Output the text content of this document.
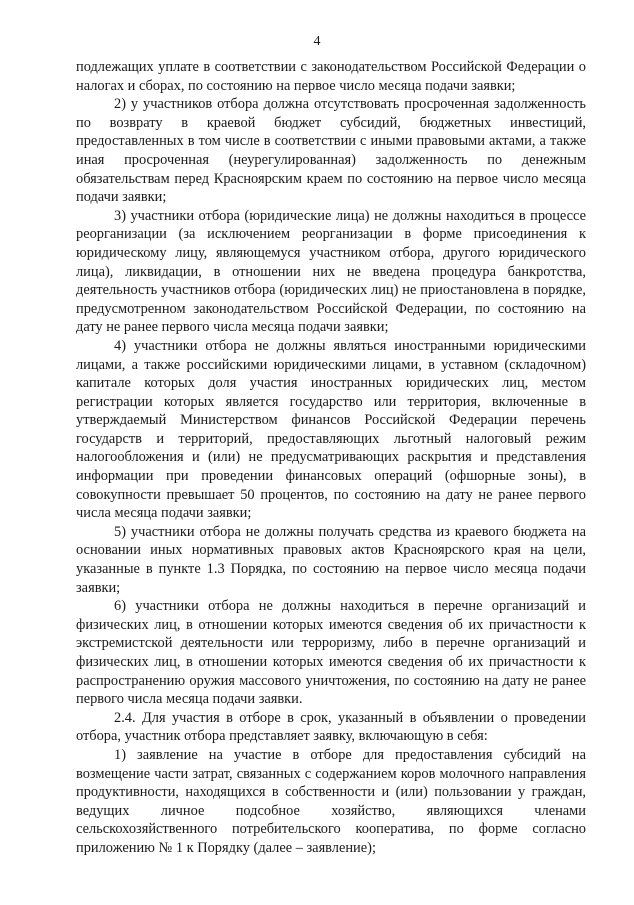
4

подлежащих уплате в соответствии с законодательством Российской Федерации о налогах и сборах, по состоянию на первое число месяца подачи заявки;

2) у участников отбора должна отсутствовать просроченная задолженность по возврату в краевой бюджет субсидий, бюджетных инвестиций, предоставленных в том числе в соответствии с иными правовыми актами, а также иная просроченная (неурегулированная) задолженность по денежным обязательствам перед Красноярским краем по состоянию на первое число месяца подачи заявки;

3) участники отбора (юридические лица) не должны находиться в процессе реорганизации (за исключением реорганизации в форме присоединения к юридическому лицу, являющемуся участником отбора, другого юридического лица), ликвидации, в отношении них не введена процедура банкротства, деятельность участников отбора (юридических лиц) не приостановлена в порядке, предусмотренном законодательством Российской Федерации, по состоянию на дату не ранее первого числа месяца подачи заявки;

4) участники отбора не должны являться иностранными юридическими лицами, а также российскими юридическими лицами, в уставном (складочном) капитале которых доля участия иностранных юридических лиц, местом регистрации которых является государство или территория, включенные в утверждаемый Министерством финансов Российской Федерации перечень государств и территорий, предоставляющих льготный налоговый режим налогообложения и (или) не предусматривающих раскрытия и представления информации при проведении финансовых операций (офшорные зоны), в совокупности превышает 50 процентов, по состоянию на дату не ранее первого числа месяца подачи заявки;

5) участники отбора не должны получать средства из краевого бюджета на основании иных нормативных правовых актов Красноярского края на цели, указанные в пункте 1.3 Порядка, по состоянию на первое число месяца подачи заявки;

6) участники отбора не должны находиться в перечне организаций и физических лиц, в отношении которых имеются сведения об их причастности к экстремистской деятельности или терроризму, либо в перечне организаций и физических лиц, в отношении которых имеются сведения об их причастности к распространению оружия массового уничтожения, по состоянию на дату не ранее первого числа месяца подачи заявки.

2.4. Для участия в отборе в срок, указанный в объявлении о проведении отбора, участник отбора представляет заявку, включающую в себя:

1) заявление на участие в отборе для предоставления субсидий на возмещение части затрат, связанных с содержанием коров молочного направления продуктивности, находящихся в собственности и (или) пользовании у граждан, ведущих личное подсобное хозяйство, являющихся членами сельскохозяйственного потребительского кооператива, по форме согласно приложению № 1 к Порядку (далее – заявление);
